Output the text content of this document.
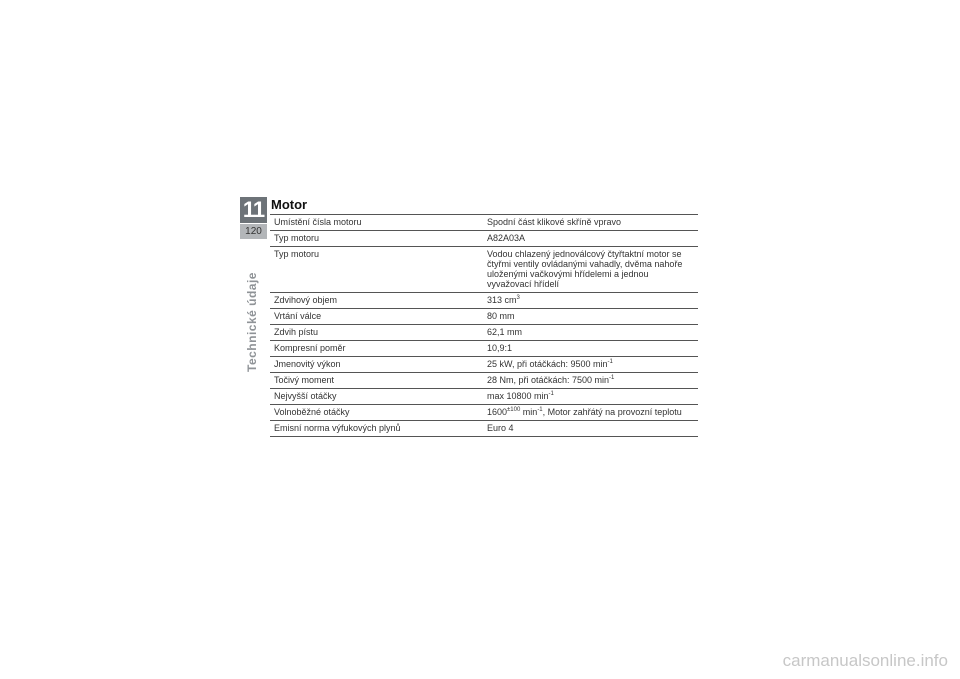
11
120
Technické údaje
Motor
Umístění čísla motoru	Spodní část klikové skříně vpravo
Typ motoru	A82A03A
Typ motoru	Vodou chlazený jednoválcový čtyřtaktní motor se čtyřmi ventily ovládanými vahadly, dvěma nahoře uloženými vačkovými hřídelemi a jednou vyvažovací hřídelí
Zdvihový objem	313 $cm^3$
Vrtání válce	80 mm
Zdvih pístu	62,1 mm
Kompresní poměr	10,9:1
Jmenovitý výkon	25 kW, při otáčkách: 9500 $\min^{-1}$
Točivý moment	28 Nm, při otáčkách: 7500 $\min^{-1}$
Nejvyšší otáčky	max 10800 $\min^{-1}$
Volnoběžné otáčky	$1600^{\pm 100}$ $\min^{-1}$, Motor zahřátý na provozní teplotu
Emisní norma výfukových plynů	Euro 4
carmanualsonline.info
